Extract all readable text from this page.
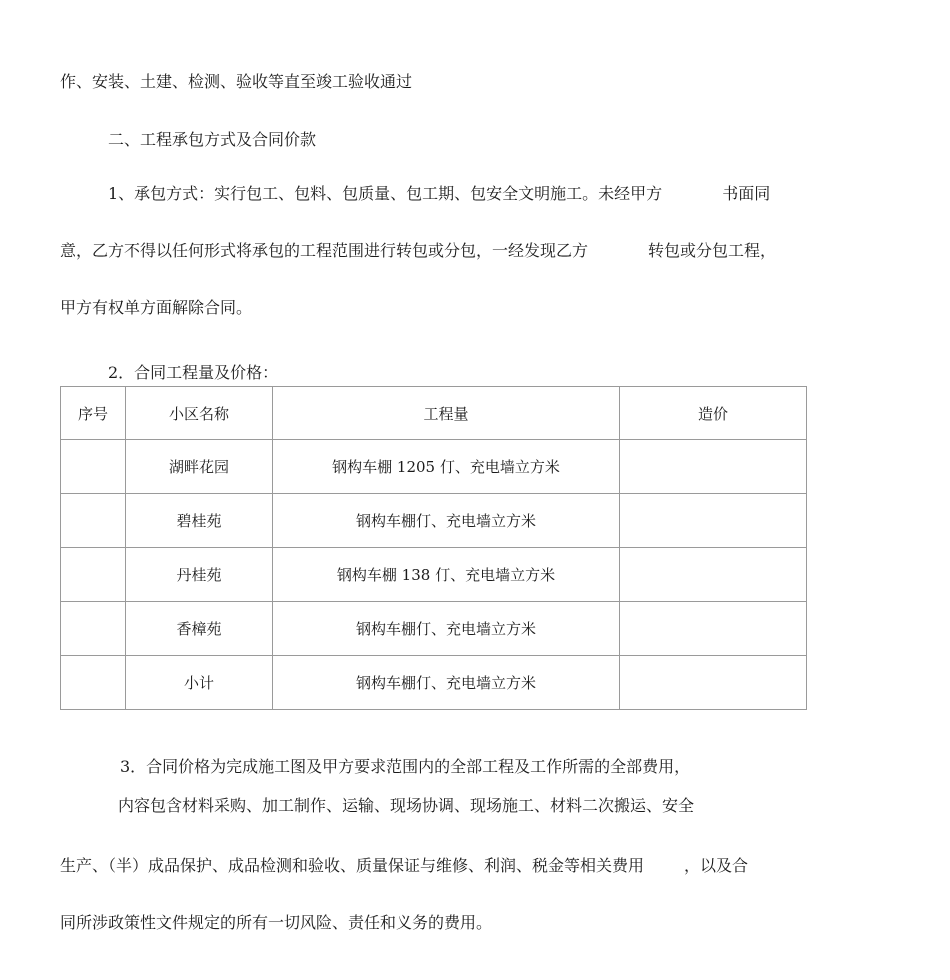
作、安装、土建、检测、验收等直至竣工验收通过
二、工程承包方式及合同价款
1、承包方式：实行包工、包料、包质量、包工期、包安全文明施工。未经甲方	书面同
意，乙方不得以任何形式将承包的工程范围进行转包或分包，一经发现乙方	转包或分包工程，
甲方有权单方面解除合同。
2．合同工程量及价格：
序号	小区名称	工程量	造价
	湖畔花园	钢构车棚 1205 仃、充电墙立方米	
	碧桂苑	钢构车棚仃、充电墙立方米	
	丹桂苑	钢构车棚 138 仃、充电墙立方米	
	香樟苑	钢构车棚仃、充电墙立方米	
	小计	钢构车棚仃、充电墙立方米	
3．合同价格为完成施工图及甲方要求范围内的全部工程及工作所需的全部费用，
内容包含材料采购、加工制作、运输、现场协调、现场施工、材料二次搬运、安全
生产、（半）成品保护、成品检测和验收、质量保证与维修、利润、税金等相关费用	，以及合
同所涉政策性文件规定的所有一切风险、责任和义务的费用。
